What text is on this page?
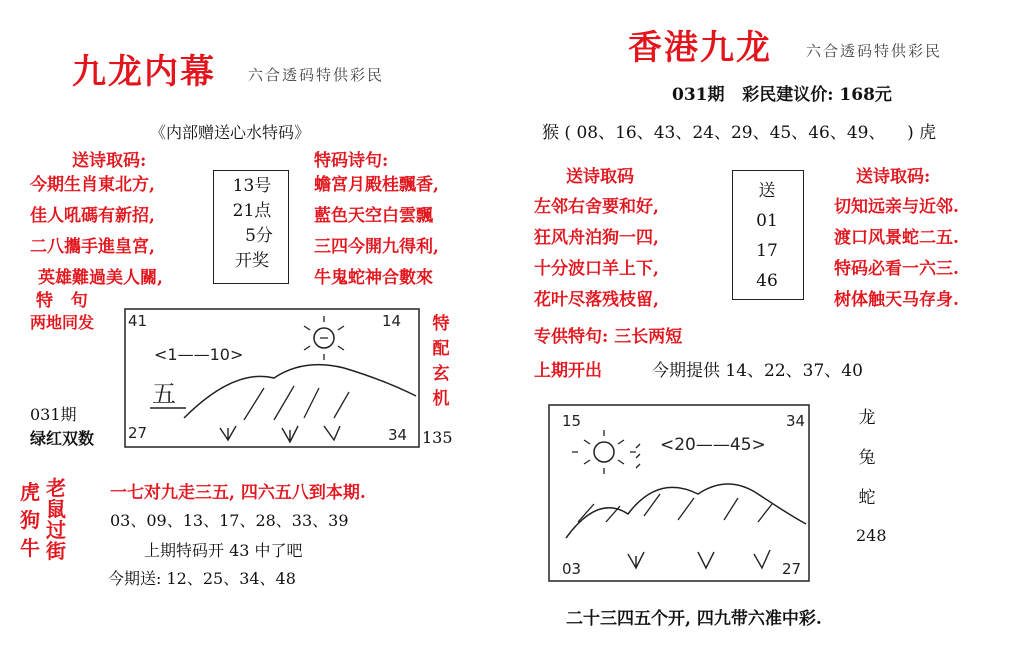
九龙内幕 六合透码特供彩民
《内部赠送心水特码》
送诗取码:
今期生肖東北方,
佳人吼碼有新招,
二八攜手進皇宮,
英雄難過美人關,
13号
21点
5分
开奖
特码诗句:
蟾宮月殿桂飄香,
藍色天空白雲飄
三四今開九得利,
牛鬼蛇神合數來
特   句
两地同发
031期
绿红双数
特
配
玄
机
135
41	14
27	34
<1——10>
五
虎
狗
牛
老
鼠
过
街
一七对九走三五, 四六五八到本期.
03、09、13、17、28、33、39
上期特码开 43 中了吧
今期送: 12、25、34、48
香港九龙 六合透码特供彩民
031期   彩民建议价: 168元
猴 ( 08、16、43、24、29、45、46、49、    ) 虎
送诗取码	送诗取码:
左邻右舍要和好,
狂风舟泊狗一四,
十分波口羊上下,
花叶尽落残枝留,
送
01
17
46
切知远亲与近邻.
渡口风景蛇二五.
特码必看一六三.
树体触天马存身.
专供特句: 三长两短
上期开出	今期提供 14、22、37、40
15	34
03	27
<20——45>
龙
兔
蛇
248
二十三四五个开, 四九带六准中彩.
